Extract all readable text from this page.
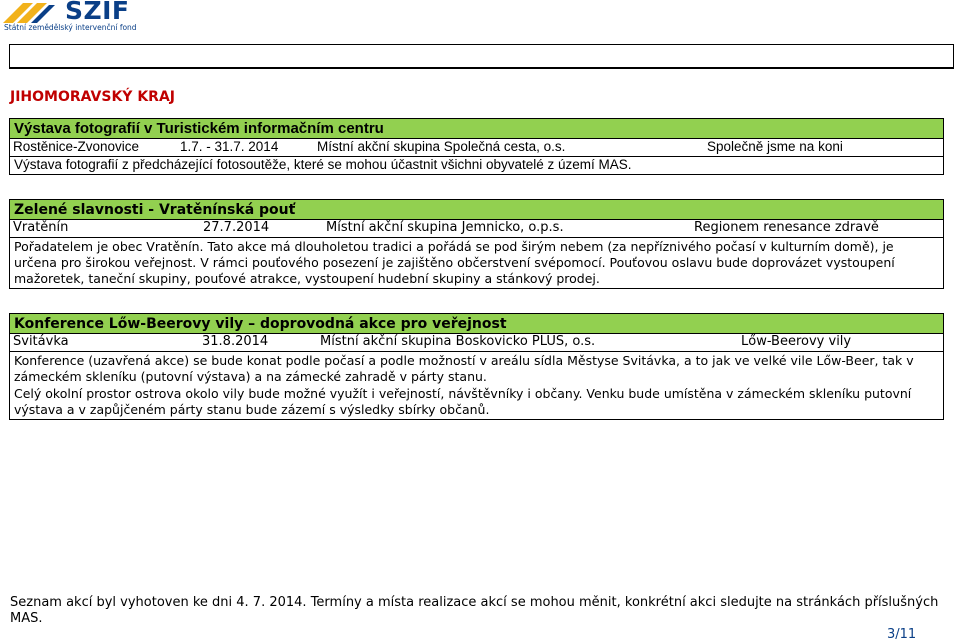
SZIF
Státní zemědělský intervenční fond
JIHOMORAVSKÝ KRAJ
Výstava fotografií v Turistickém informačním centru
Rostěnice-Zvonovice	1.7. - 31.7. 2014	Místní akční skupina Společná cesta, o.s.	Společně jsme na koni
Výstava fotografií z předcházející fotosoutěže, které se mohou účastnit všichni obyvatelé z území MAS.
Zelené slavnosti - Vratěnínská pouť
Vratěnín	27.7.2014	Místní akční skupina Jemnicko, o.p.s.	Regionem renesance zdravě
Pořadatelem je obec Vratěnín. Tato akce má dlouholetou tradici a pořádá se pod širým nebem (za nepříznivého počasí v kulturním domě), je určena pro širokou veřejnost. V rámci pouťového posezení je zajištěno občerstvení svépomocí. Pouťovou oslavu bude doprovázet vystoupení mažoretek, taneční skupiny, pouťové atrakce, vystoupení hudební skupiny a stánkový prodej.
Konference Lőw-Beerovy vily – doprovodná akce pro veřejnost
Svitávka	31.8.2014	Místní akční skupina Boskovicko PLUS, o.s.	Lőw-Beerovy vily
Konference (uzavřená akce) se bude konat podle počasí a podle možností v areálu sídla Městyse Svitávka, a to jak ve velké vile Lőw-Beer, tak v zámeckém skleníku (putovní výstava) a na zámecké zahradě v párty stanu.
Celý okolní prostor ostrova okolo vily bude možné využít i veřejností, návštěvníky i občany. Venku bude umístěna v zámeckém skleníku putovní výstava a v zapůjčeném párty stanu bude zázemí s výsledky sbírky občanů.
Seznam akcí byl vyhotoven ke dni 4. 7. 2014. Termíny a místa realizace akcí se mohou měnit, konkrétní akci sledujte na stránkách příslušných MAS.
3/11
